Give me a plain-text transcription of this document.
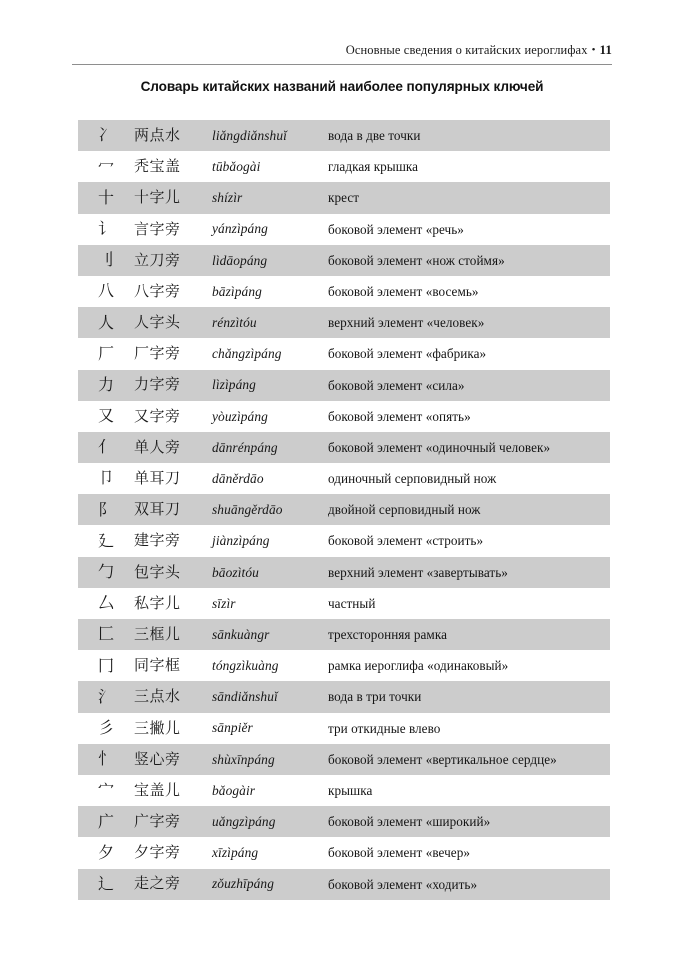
Основные сведения о китайских иероглифах • 11
Словарь китайских названий наиболее популярных ключей
冫	两点水	liǎngdiǎnshuǐ	вода в две точки
冖	秃宝盖	tūbǎogài	гладкая крышка
十	十字儿	shízìr	крест
讠	言字旁	yánzìpáng	боковой элемент «речь»
刂	立刀旁	lìdāopáng	боковой элемент «нож стоймя»
八	八字旁	bāzìpáng	боковой элемент «восемь»
人	人字头	rénzìtóu	верхний элемент «человек»
厂	厂字旁	chǎngzìpáng	боковой элемент «фабрика»
力	力字旁	lìzìpáng	боковой элемент «сила»
又	又字旁	yòuzìpáng	боковой элемент «опять»
亻	单人旁	dānrénpáng	боковой элемент «одиночный человек»
卩	单耳刀	dāněrdāo	одиночный серповидный нож
阝	双耳刀	shuāngěrdāo	двойной серповидный нож
廴	建字旁	jiànzìpáng	боковой элемент «строить»
勹	包字头	bāozìtóu	верхний элемент «завертывать»
厶	私字儿	sīzìr	частный
匚	三框儿	sānkuàngr	трехсторонняя рамка
冂	同字框	tóngzìkuàng	рамка иероглифа «одинаковый»
氵	三点水	sāndiǎnshuǐ	вода в три точки
彡	三撇儿	sānpiěr	три откидные влево
忄	竖心旁	shùxīnpáng	боковой элемент «вертикальное сердце»
宀	宝盖儿	bǎogàir	крышка
广	广字旁	uǎngzìpáng	боковой элемент «широкий»
夕	夕字旁	xīzìpáng	боковой элемент «вечер»
辶	走之旁	zǒuzhīpáng	боковой элемент «ходить»
